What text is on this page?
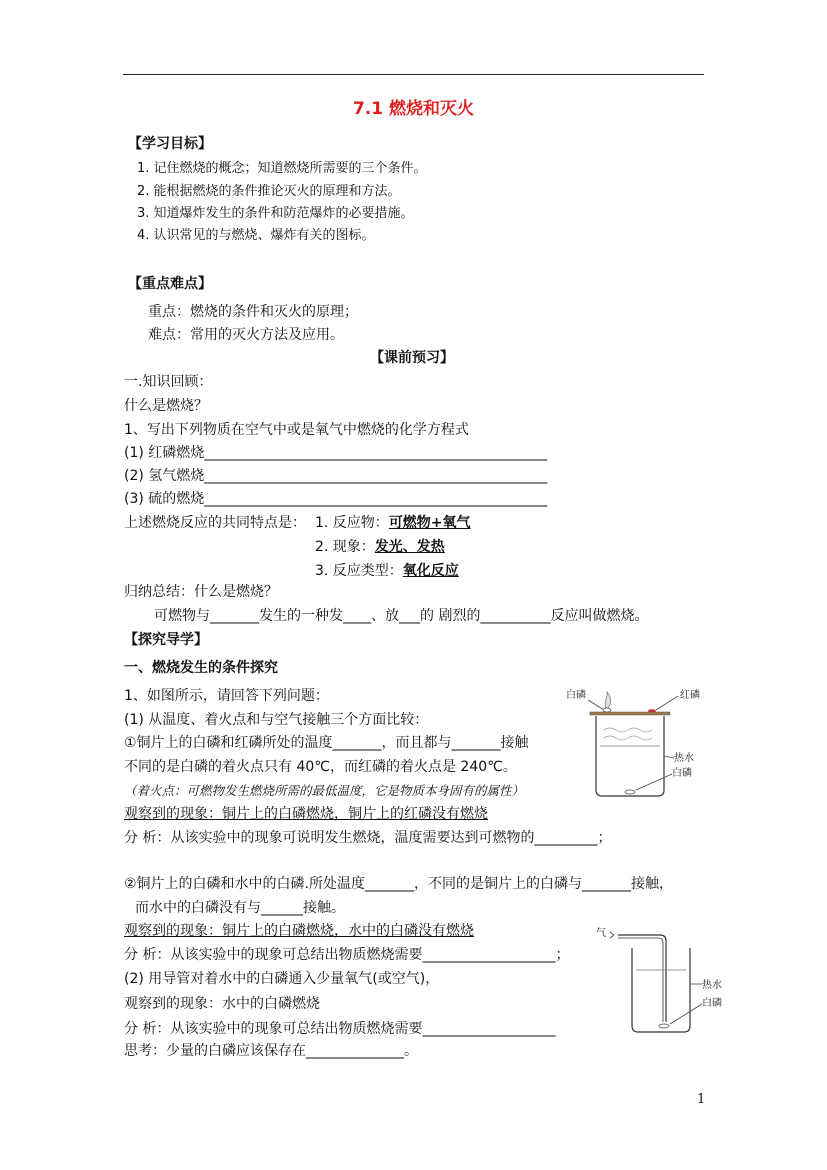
7.1 燃烧和灭火
【学习目标】
1. 记住燃烧的概念；知道燃烧所需要的三个条件。
2. 能根据燃烧的条件推论灭火的原理和方法。
3. 知道爆炸发生的条件和防范爆炸的必要措施。
4. 认识常见的与燃烧、爆炸有关的图标。
【重点难点】
重点：燃烧的条件和灭火的原理；
难点：常用的灭火方法及应用。
【课前预习】
一.知识回顾：
什么是燃烧？
1、写出下列物质在空气中或是氧气中燃烧的化学方程式
(1) 红磷燃烧_________________________________________________
(2) 氢气燃烧_________________________________________________
(3) 硫的燃烧_________________________________________________
上述燃烧反应的共同特点是： 1. 反应物：可燃物+氧气
2. 现象：发光、发热
3. 反应类型：氧化反应
归纳总结：什么是燃烧？
可燃物与_______发生的一种发____、放___的 剧烈的__________反应叫做燃烧。
【探究导学】
一、燃烧发生的条件探究
1、如图所示，请回答下列问题：
(1) 从温度、着火点和与空气接触三个方面比较：
①铜片上的白磷和红磷所处的温度_______，而且都与_______接触
不同的是白磷的着火点只有 40℃，而红磷的着火点是 240℃。
（着火点：可燃物发生燃烧所需的最低温度，它是物质本身固有的属性）
观察到的现象：铜片上的白磷燃烧，铜片上的红磷没有燃烧
分 析：从该实验中的现象可说明发生燃烧，温度需要达到可燃物的_________；
②铜片上的白磷和水中的白磷.所处温度_______，不同的是铜片上的白磷与_______接触，
而水中的白磷没有与______接触。
观察到的现象：铜片上的白磷燃烧，水中的白磷没有燃烧
分 析：从该实验中的现象可总结出物质燃烧需要___________________；
(2) 用导管对着水中的白磷通入少量氧气(或空气)，
观察到的现象：水中的白磷燃烧
分 析：从该实验中的现象可总结出物质燃烧需要___________________
思考：少量的白磷应该保存在______________。
白磷	红磷
热水
白磷
气
热水
白磷
1
